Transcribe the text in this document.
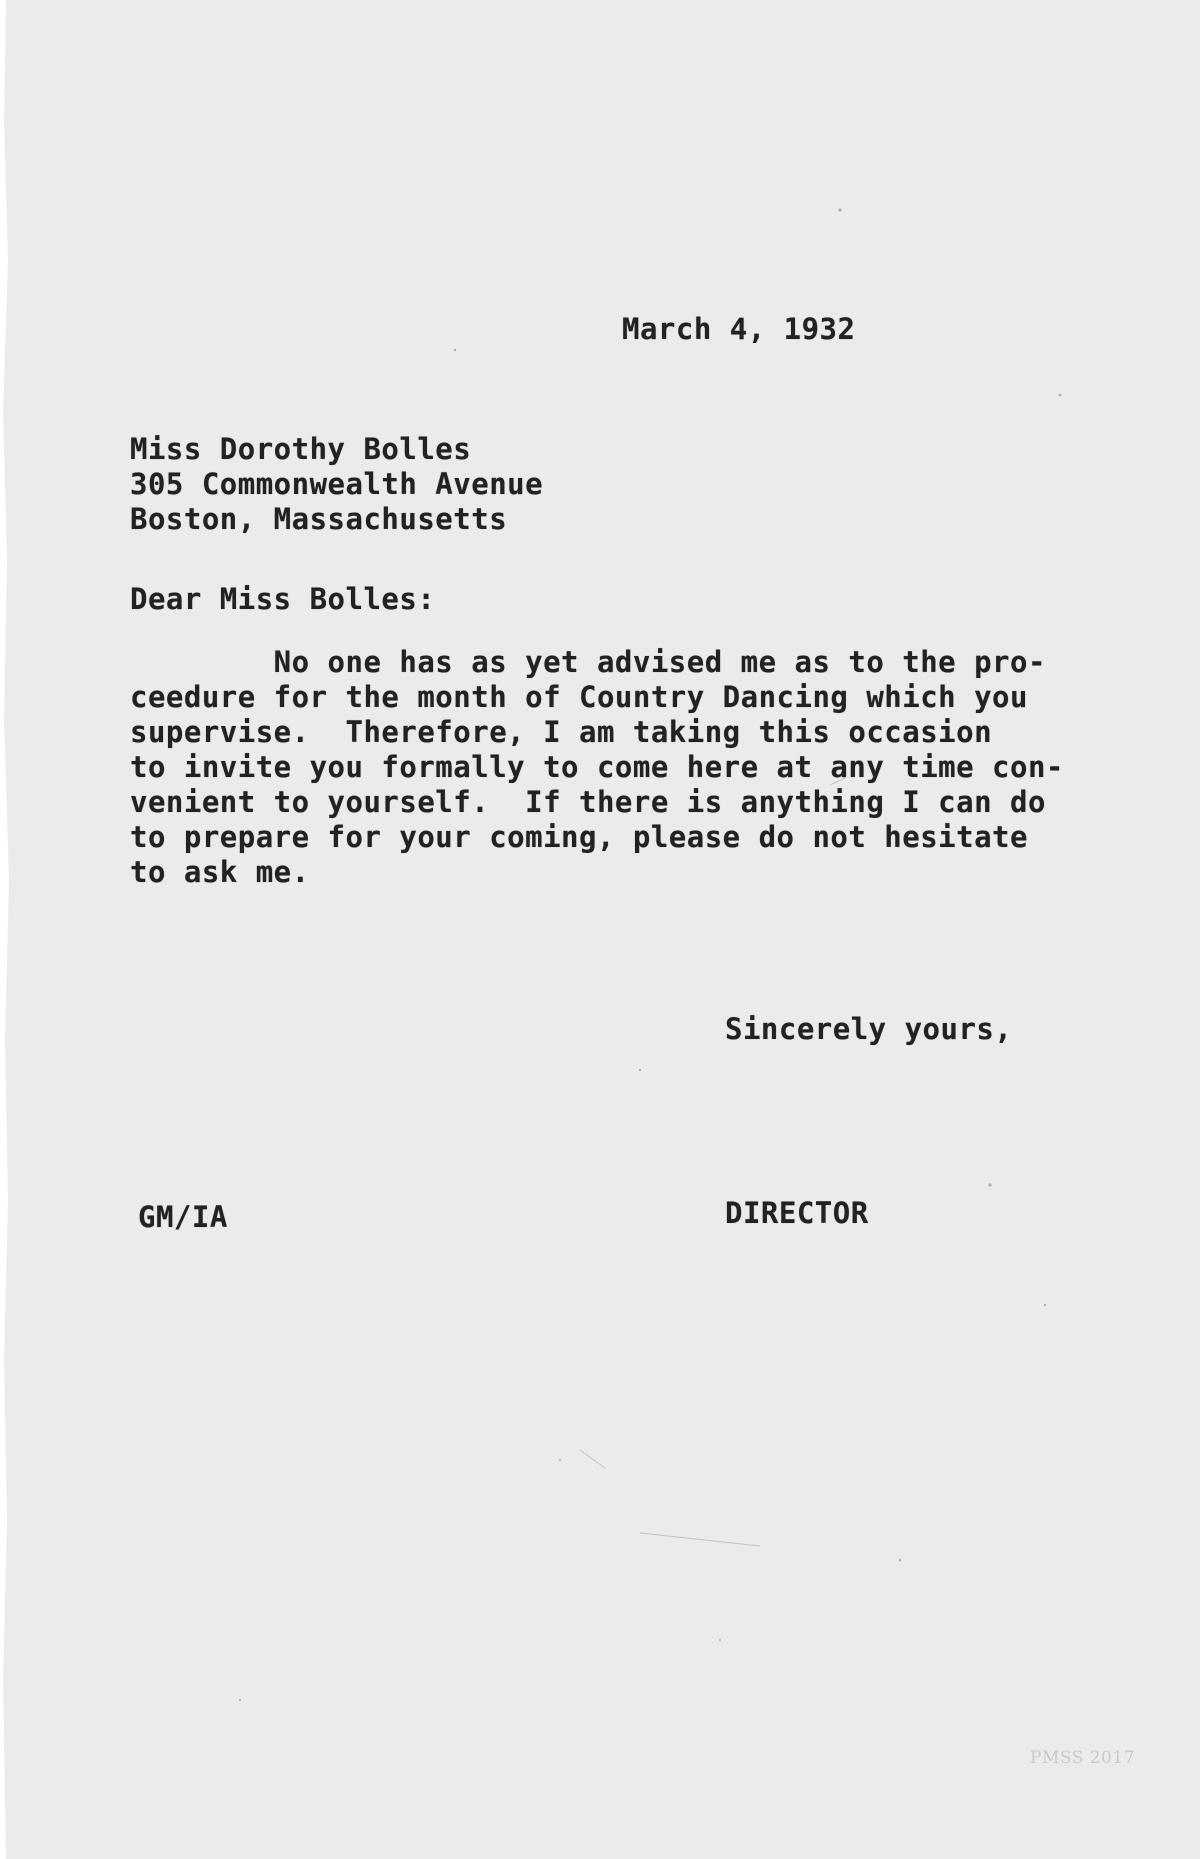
March 4, 1932
Miss Dorothy Bolles
305 Commonwealth Avenue
Boston, Massachusetts
Dear Miss Bolles:
No one has as yet advised me as to the pro-
ceedure for the month of Country Dancing which you
supervise.  Therefore, I am taking this occasion
to invite you formally to come here at any time con-
venient to yourself.  If there is anything I can do
to prepare for your coming, please do not hesitate
to ask me.
Sincerely yours,
GM/IA	DIRECTOR
PMSS 2017
